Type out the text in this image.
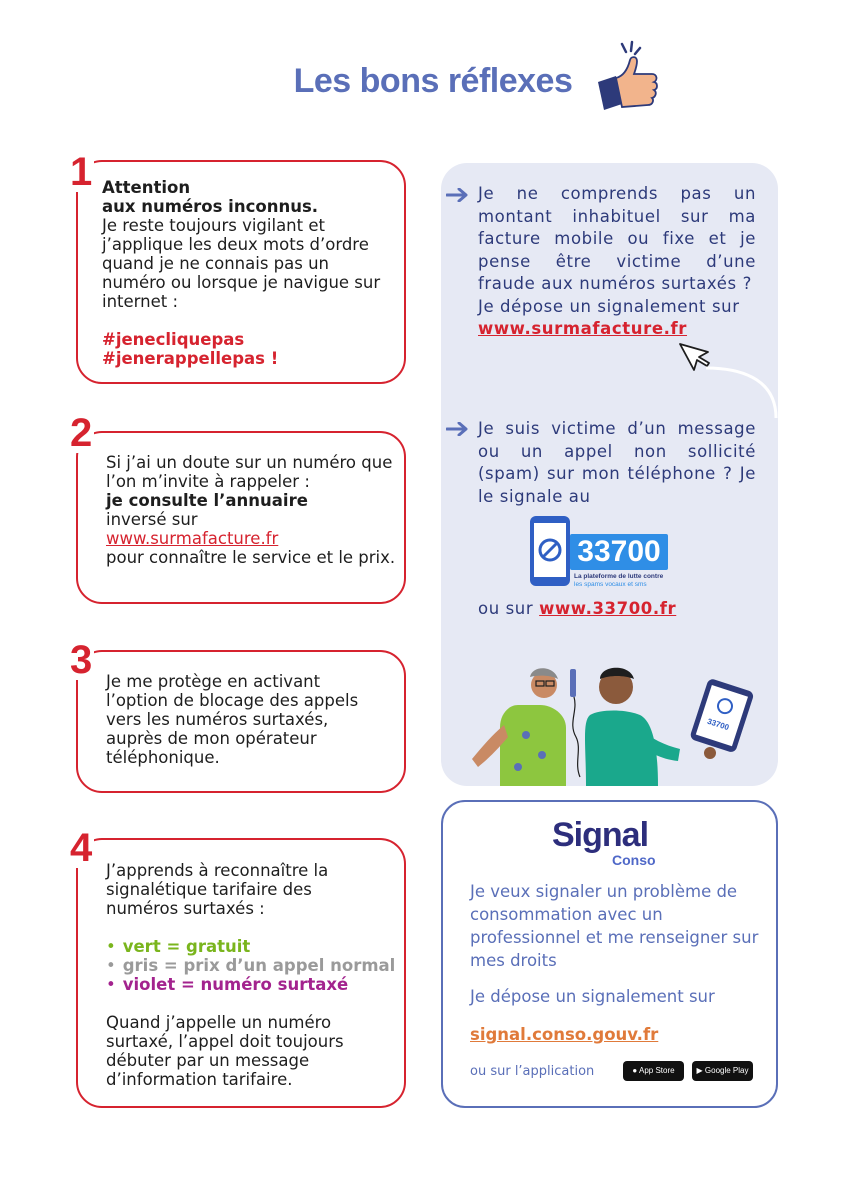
Les bons réflexes
1 Attention
aux numéros inconnus.
Je reste toujours vigilant et j’applique les deux mots d’ordre quand je ne connais pas un numéro ou lorsque je navigue sur internet :
#jenecliquepas
#jenerappellepas !
2
Si j’ai un doute sur un numéro que l’on m’invite à rappeler :
je consulte l’annuaire
inversé sur
www.surmafacture.fr
pour connaître le service et le prix.
3 Je me protège en activant l’option de blocage des appels vers les numéros surtaxés, auprès de mon opérateur téléphonique.
4
J’apprends à reconnaître la signalétique tarifaire des numéros surtaxés :
• vert = gratuit
• gris = prix d’un appel normal
• violet = numéro surtaxé
Quand j’appelle un numéro surtaxé, l’appel doit toujours débuter par un message d’information tarifaire.
Je ne comprends pas un montant inhabituel sur ma facture mobile ou fixe et je pense être victime d’une fraude aux numéros surtaxés ?
Je dépose un signalement sur
www.surmafacture.fr
Je suis victime d’un message ou un appel non sollicité (spam) sur mon téléphone ? Je le signale au
33700
La plateforme de lutte contre
les spams vocaux et sms
ou sur www.33700.fr
33700
Signal
Conso
Je veux signaler un problème de consommation avec un professionnel et me renseigner sur mes droits
Je dépose un signalement sur
signal.conso.gouv.fr
ou sur l’application	● App Store	▶ Google Play
